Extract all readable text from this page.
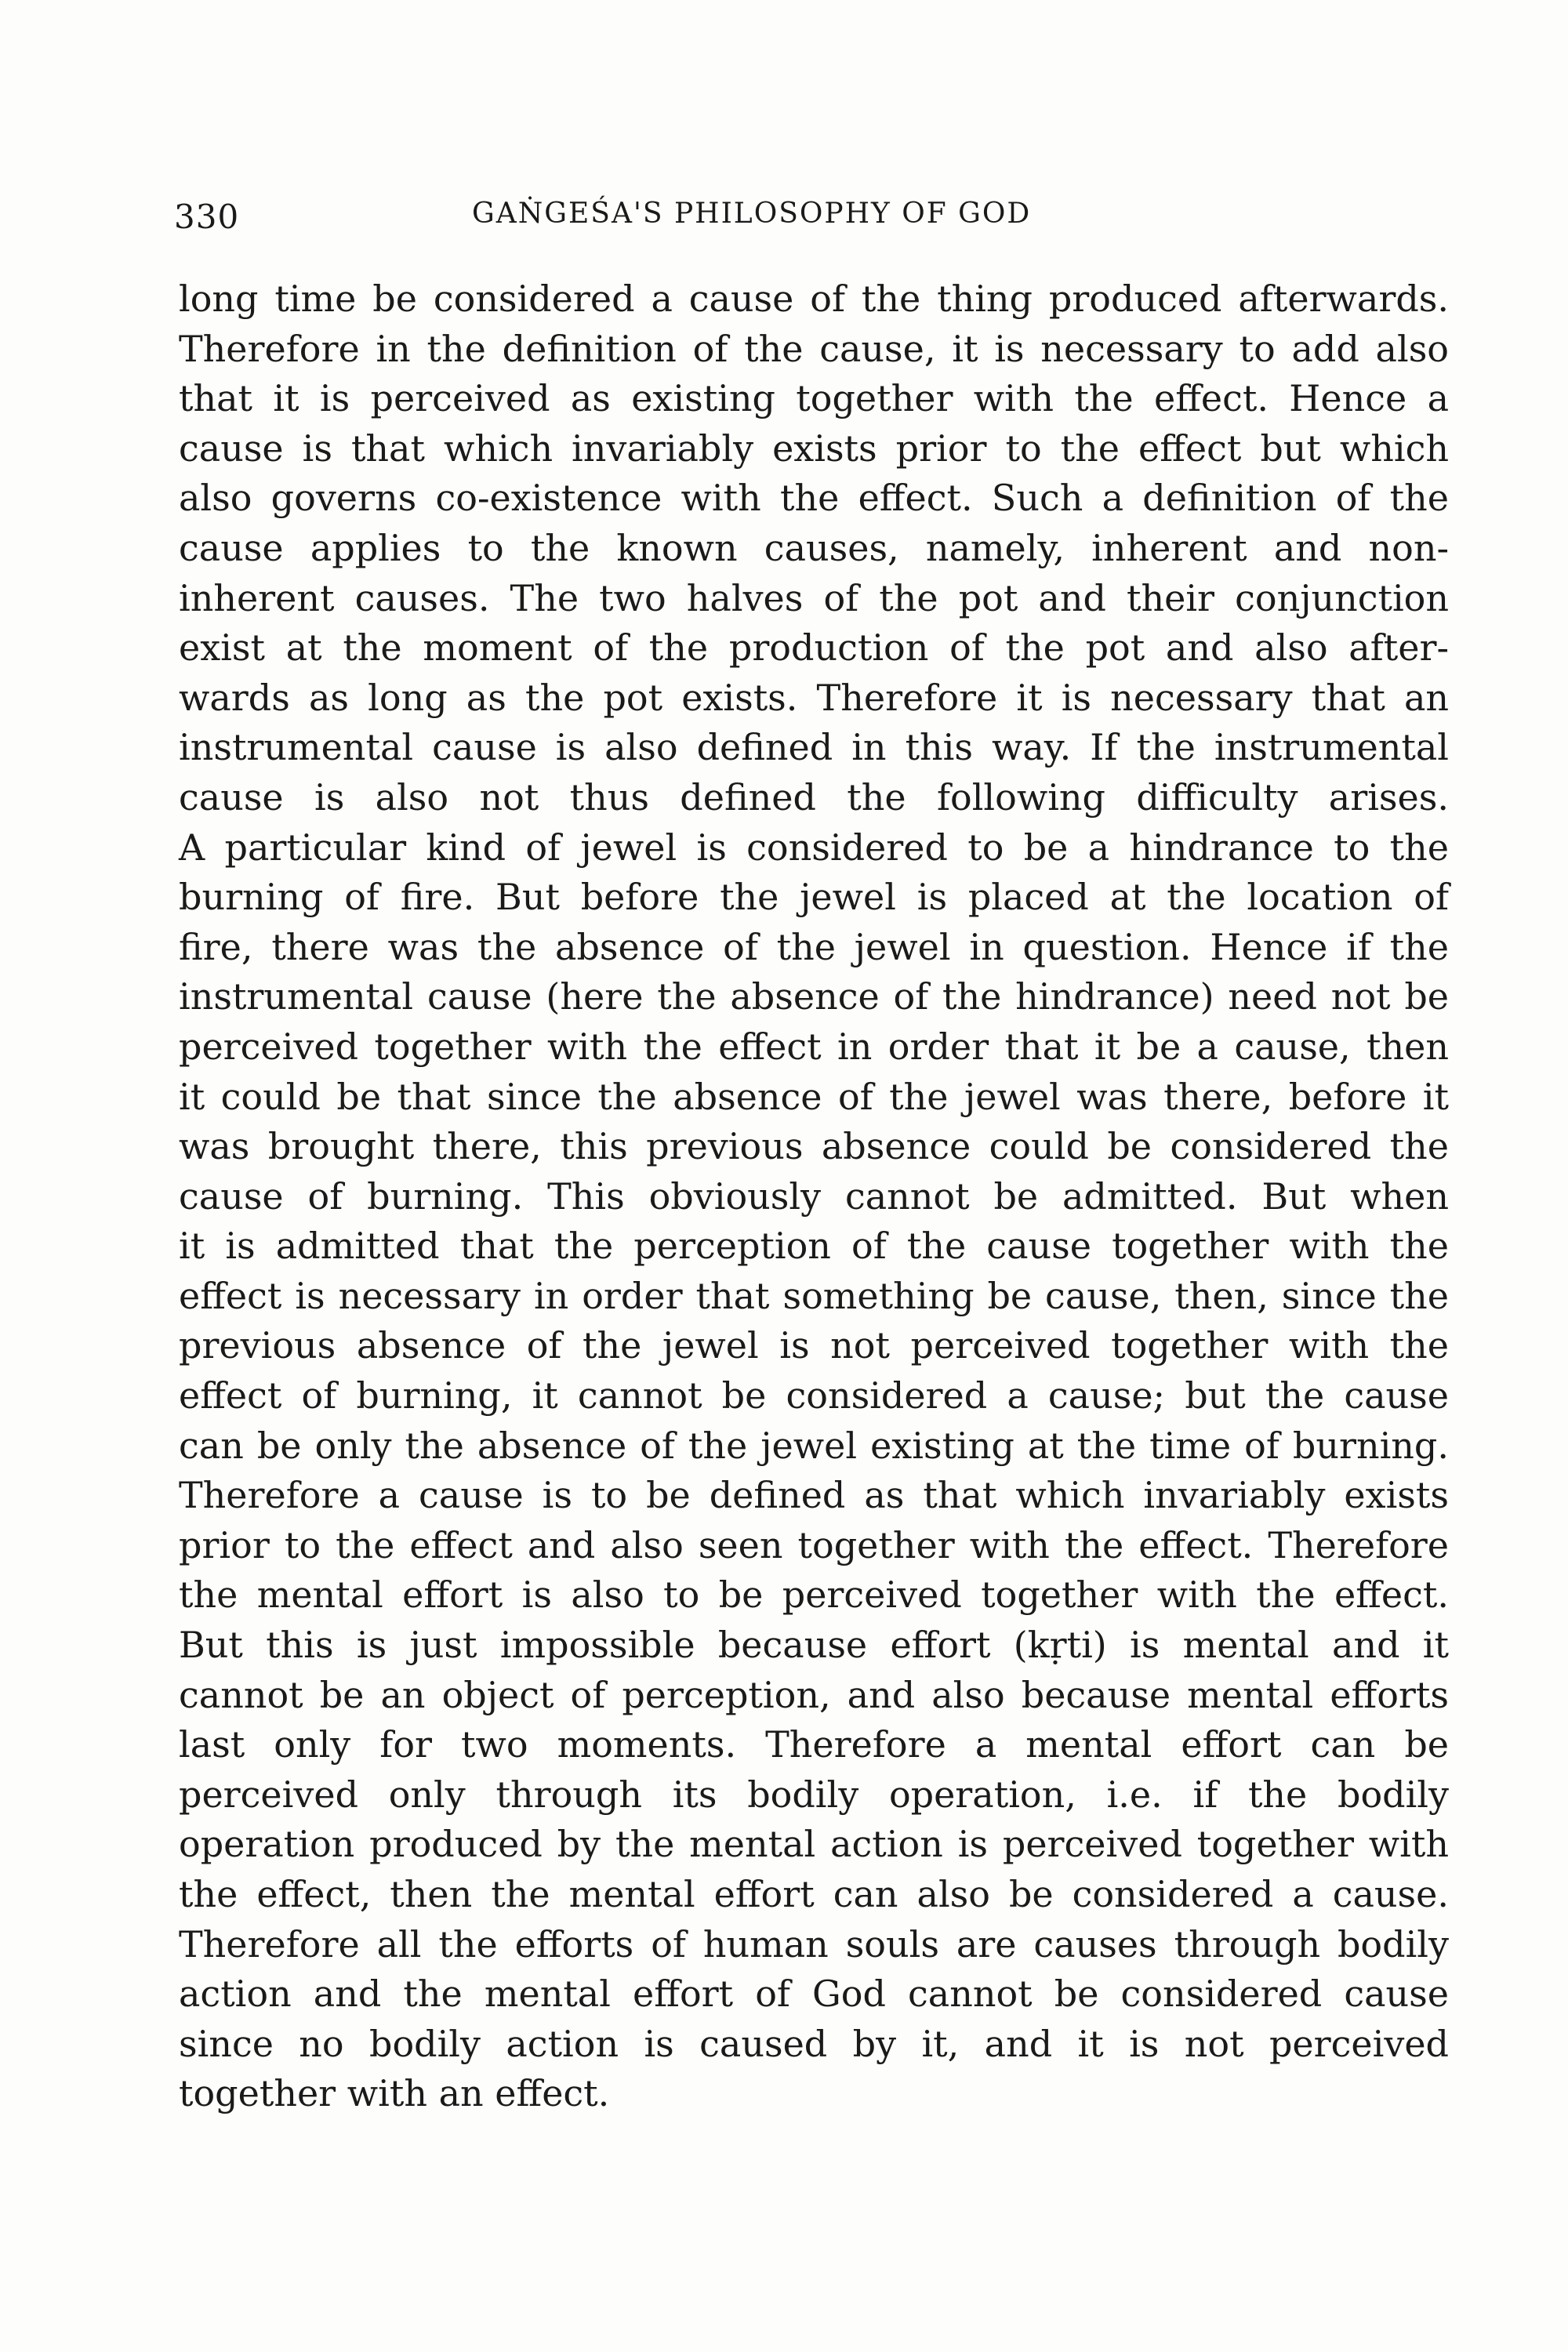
330	GAṄGEŚA'S PHILOSOPHY OF GOD
long time be considered a cause of the thing produced afterwards.
Therefore in the definition of the cause, it is necessary to add also
that it is perceived as existing together with the effect. Hence a
cause is that which invariably exists prior to the effect but which
also governs co-existence with the effect. Such a definition of the
cause applies to the known causes, namely, inherent and non-
inherent causes. The two halves of the pot and their conjunction
exist at the moment of the production of the pot and also after-
wards as long as the pot exists. Therefore it is necessary that an
instrumental cause is also defined in this way. If the instrumental
cause is also not thus defined the following difficulty arises.
A particular kind of jewel is considered to be a hindrance to the
burning of fire. But before the jewel is placed at the location of
fire, there was the absence of the jewel in question. Hence if the
instrumental cause (here the absence of the hindrance) need not be
perceived together with the effect in order that it be a cause, then
it could be that since the absence of the jewel was there, before it
was brought there, this previous absence could be considered the
cause of burning. This obviously cannot be admitted. But when
it is admitted that the perception of the cause together with the
effect is necessary in order that something be cause, then, since the
previous absence of the jewel is not perceived together with the
effect of burning, it cannot be considered a cause; but the cause
can be only the absence of the jewel existing at the time of burning.
Therefore a cause is to be defined as that which invariably exists
prior to the effect and also seen together with the effect. Therefore
the mental effort is also to be perceived together with the effect.
But this is just impossible because effort (kṛti) is mental and it
cannot be an object of perception, and also because mental efforts
last only for two moments. Therefore a mental effort can be
perceived only through its bodily operation, i.e. if the bodily
operation produced by the mental action is perceived together with
the effect, then the mental effort can also be considered a cause.
Therefore all the efforts of human souls are causes through bodily
action and the mental effort of God cannot be considered cause
since no bodily action is caused by it, and it is not perceived
together with an effect.
